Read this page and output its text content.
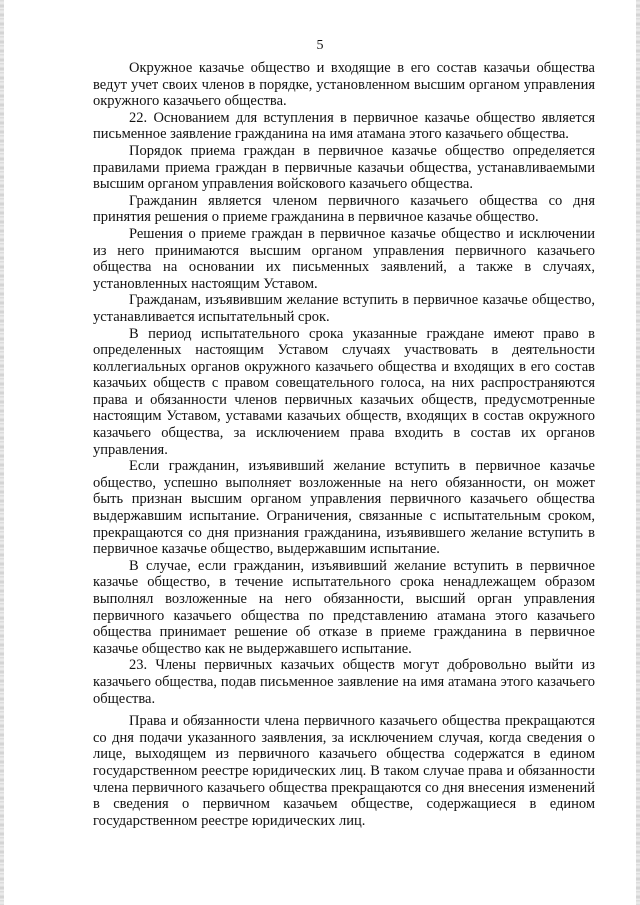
5

Окружное казачье общество и входящие в его состав казачьи общества ведут учет своих членов в порядке, установленном высшим органом управления окружного казачьего общества.

22. Основанием для вступления в первичное казачье общество является письменное заявление гражданина на имя атамана этого казачьего общества.

Порядок приема граждан в первичное казачье общество определяется правилами приема граждан в первичные казачьи общества, устанавливаемыми высшим органом управления войскового казачьего общества.

Гражданин является членом первичного казачьего общества со дня принятия решения о приеме гражданина в первичное казачье общество.

Решения о приеме граждан в первичное казачье общество и исключении из него принимаются высшим органом управления первичного казачьего общества на основании их письменных заявлений, а также в случаях, установленных настоящим Уставом.

Гражданам, изъявившим желание вступить в первичное казачье общество, устанавливается испытательный срок.

В период испытательного срока указанные граждане имеют право в определенных настоящим Уставом случаях участвовать в деятельности коллегиальных органов окружного казачьего общества и входящих в его состав казачьих обществ с правом совещательного голоса, на них распространяются права и обязанности членов первичных казачьих обществ, предусмотренные настоящим Уставом, уставами казачьих обществ, входящих в состав окружного казачьего общества, за исключением права входить в состав их органов управления.

Если гражданин, изъявивший желание вступить в первичное казачье общество, успешно выполняет возложенные на него обязанности, он может быть признан высшим органом управления первичного казачьего общества выдержавшим испытание. Ограничения, связанные с испытательным сроком, прекращаются со дня признания гражданина, изъявившего желание вступить в первичное казачье общество, выдержавшим испытание.

В случае, если гражданин, изъявивший желание вступить в первичное казачье общество, в течение испытательного срока ненадлежащем образом выполнял возложенные на него обязанности, высший орган управления первичного казачьего общества по представлению атамана этого казачьего общества принимает решение об отказе в приеме гражданина в первичное казачье общество как не выдержавшего испытание.

23. Члены первичных казачьих обществ могут добровольно выйти из казачьего общества, подав письменное заявление на имя атамана этого казачьего общества.

Права и обязанности члена первичного казачьего общества прекращаются со дня подачи указанного заявления, за исключением случая, когда сведения о лице, выходящем из первичного казачьего общества содержатся в едином государственном реестре юридических лиц. В таком случае права и обязанности члена первичного казачьего общества прекращаются со дня внесения изменений в сведения о первичном казачьем обществе, содержащиеся в едином государственном реестре юридических лиц.
